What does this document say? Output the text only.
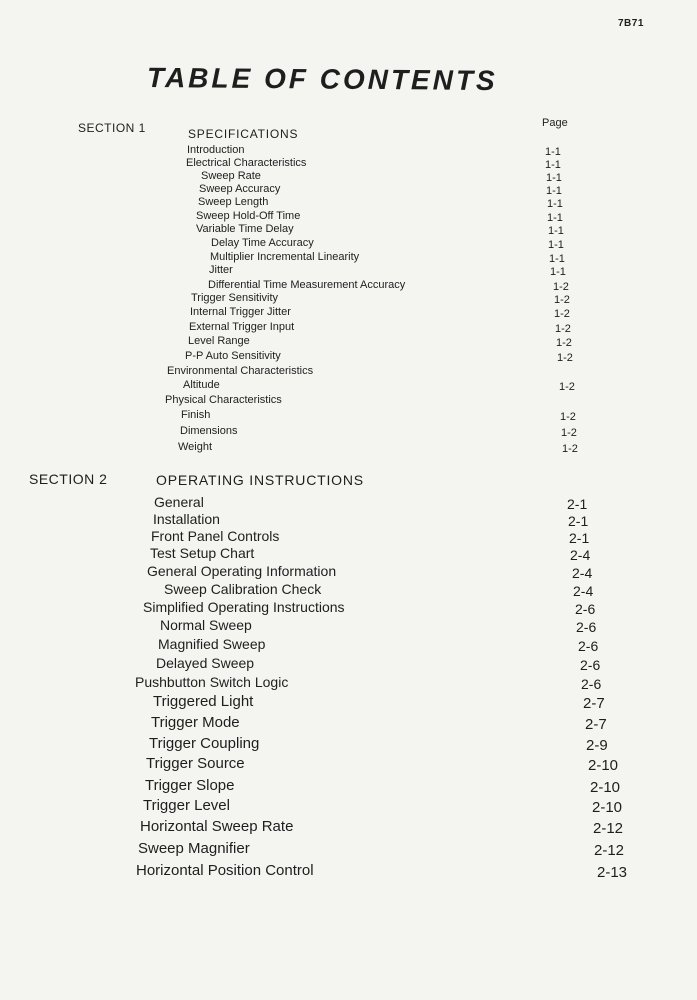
7B71
TABLE OF CONTENTS
Page
SECTION 1	SPECIFICATIONS
Introduction	1-1
Electrical Characteristics	1-1
Sweep Rate	1-1
Sweep Accuracy	1-1
Sweep Length	1-1
Sweep Hold-Off Time	1-1
Variable Time Delay	1-1
Delay Time Accuracy	1-1
Multiplier Incremental Linearity	1-1
Jitter	1-1
Differential Time Measurement Accuracy	1-2
Trigger Sensitivity	1-2
Internal Trigger Jitter	1-2
External Trigger Input	1-2
Level Range	1-2
P-P Auto Sensitivity	1-2
Environmental Characteristics
Altitude	1-2
Physical Characteristics
Finish	1-2
Dimensions	1-2
Weight	1-2
SECTION 2	OPERATING INSTRUCTIONS
General	2-1
Installation	2-1
Front Panel Controls	2-1
Test Setup Chart	2-4
General Operating Information	2-4
Sweep Calibration Check	2-4
Simplified Operating Instructions	2-6
Normal Sweep	2-6
Magnified Sweep	2-6
Delayed Sweep	2-6
Pushbutton Switch Logic	2-6
Triggered Light	2-7
Trigger Mode	2-7
Trigger Coupling	2-9
Trigger Source	2-10
Trigger Slope	2-10
Trigger Level	2-10
Horizontal Sweep Rate	2-12
Sweep Magnifier	2-12
Horizontal Position Control	2-13
